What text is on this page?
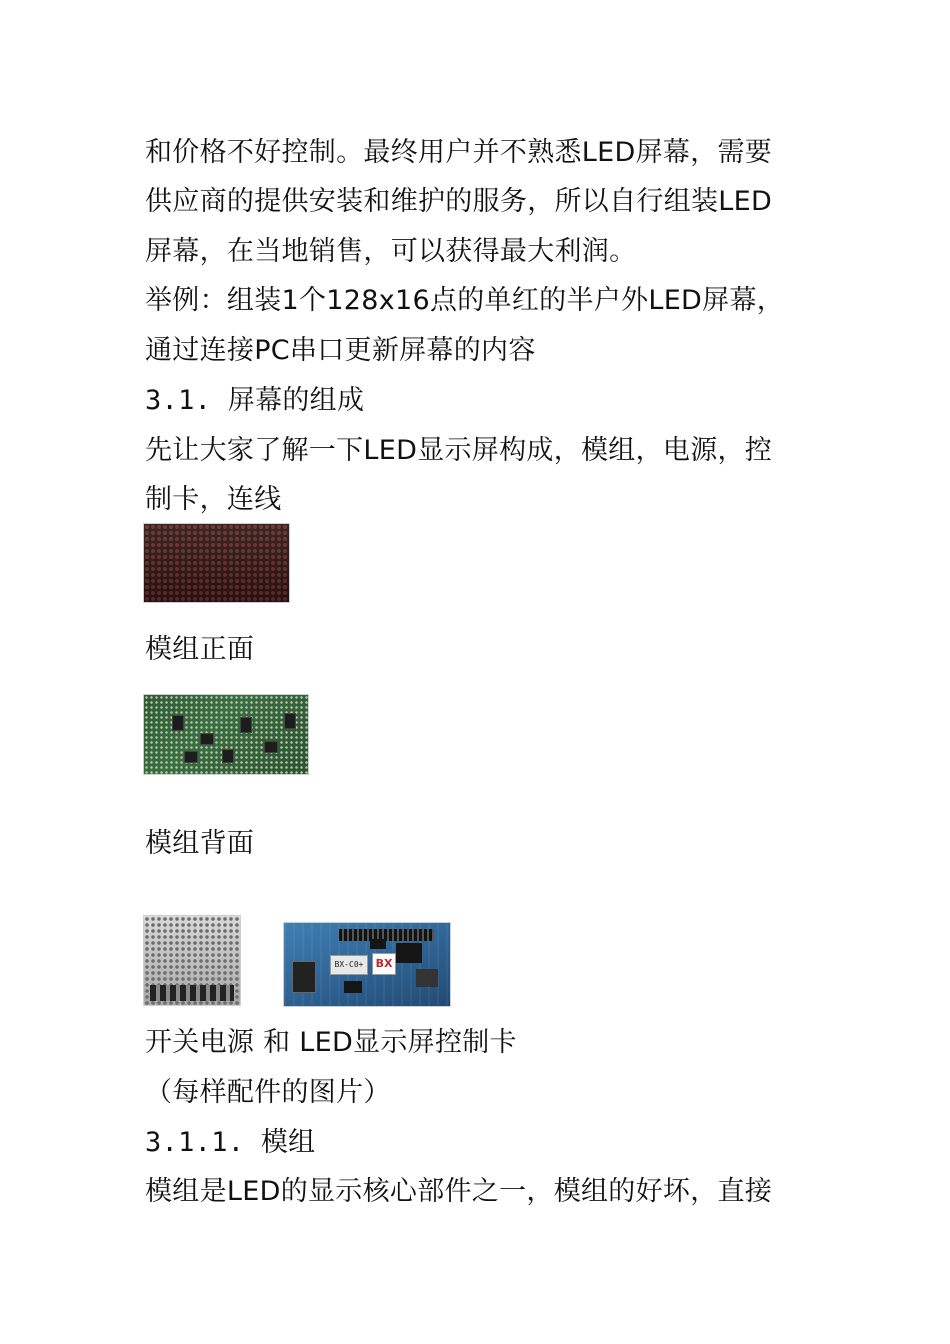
和价格不好控制。最终用户并不熟悉LED屏幕，需要
供应商的提供安装和维护的服务，所以自行组装LED
屏幕，在当地销售，可以获得最大利润。
举例：组装1个128x16点的单红的半户外LED屏幕，
通过连接PC串口更新屏幕的内容
3.1. 屏幕的组成
先让大家了解一下LED显示屏构成，模组，电源，控
制卡，连线
模组正面
模组背面
BX-C0+	BX
开关电源 和 LED显示屏控制卡
（每样配件的图片）
3.1.1. 模组
模组是LED的显示核心部件之一，模组的好坏，直接
